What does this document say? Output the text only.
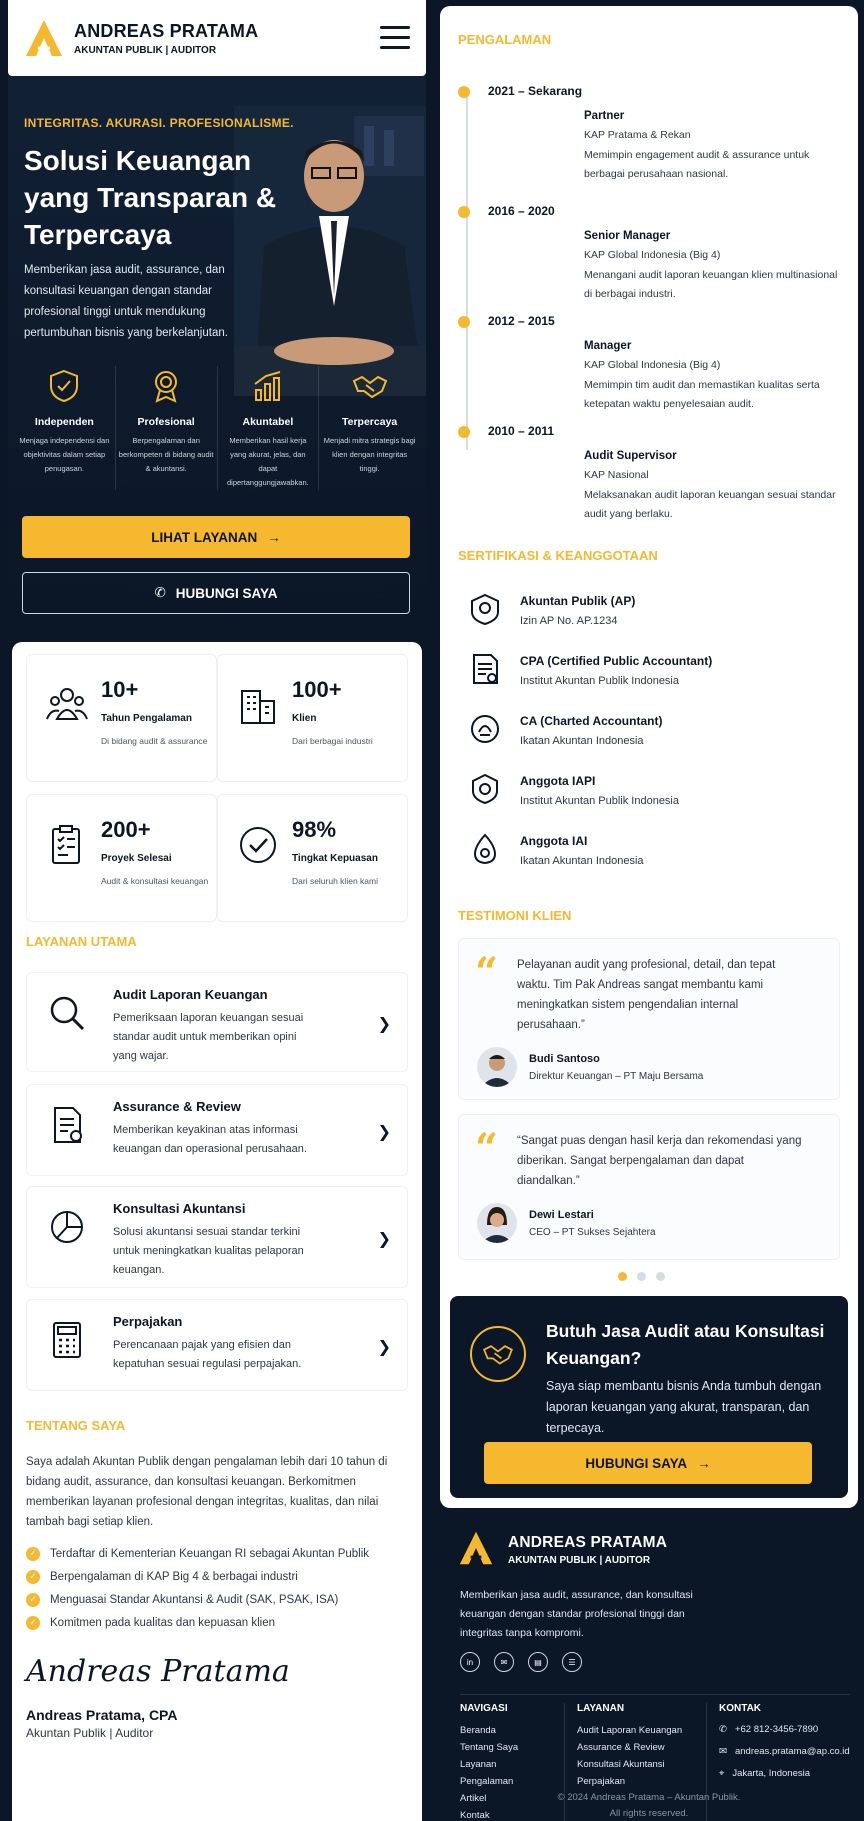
ANDREAS PRATAMA
AKUNTAN PUBLIK | AUDITOR
INTEGRITAS. AKURASI. PROFESIONALISME.
Solusi Keuangan yang Transparan & Terpercaya
Memberikan jasa audit, assurance, dan konsultasi keuangan dengan standar profesional tinggi untuk mendukung pertumbuhan bisnis yang berkelanjutan.
Independen

Menjaga independensi dan objektivitas dalam setiap penugasan.

Profesional

Berpengalaman dan berkompeten di bidang audit & akuntansi.

Akuntabel

Memberikan hasil kerja yang akurat, jelas, dan dapat dipertanggungjawabkan.

Terpercaya

Menjadi mitra strategis bagi klien dengan integritas tinggi.

LIHAT LAYANAN →
✆ HUBUNGI SAYA
10+
Tahun Pengalaman
Di bidang audit & assurance
100+
Klien
Dari berbagai industri
200+
Proyek Selesai
Audit & konsultasi keuangan
98%
Tingkat Kepuasan
Dari seluruh klien kami
LAYANAN UTAMA
Audit Laporan Keuangan

Pemeriksaan laporan keuangan sesuai standar audit untuk memberikan opini yang wajar.

❯
Assurance & Review

Memberikan keyakinan atas informasi keuangan dan operasional perusahaan.

❯
Konsultasi Akuntansi

Solusi akuntansi sesuai standar terkini untuk meningkatkan kualitas pelaporan keuangan.

❯
Perpajakan

Perencanaan pajak yang efisien dan kepatuhan sesuai regulasi perpajakan.

❯
TENTANG SAYA
Saya adalah Akuntan Publik dengan pengalaman lebih dari 10 tahun di bidang audit, assurance, dan konsultasi keuangan. Berkomitmen memberikan layanan profesional dengan integritas, kualitas, dan nilai tambah bagi setiap klien.
✓ Terdaftar di Kementerian Keuangan RI sebagai Akuntan Publik
✓ Berpengalaman di KAP Big 4 & berbagai industri
✓ Menguasai Standar Akuntansi & Audit (SAK, PSAK, ISA)
✓ Komitmen pada kualitas dan kepuasan klien
Andreas Pratama
Andreas Pratama, CPA
Akuntan Publik | Auditor
PENGALAMAN
2021 – Sekarang
Partner
KAP Pratama & Rekan

Memimpin engagement audit & assurance untuk berbagai perusahaan nasional.

2016 – 2020
Senior Manager
KAP Global Indonesia (Big 4)

Menangani audit laporan keuangan klien multinasional di berbagai industri.

2012 – 2015
Manager
KAP Global Indonesia (Big 4)

Memimpin tim audit dan memastikan kualitas serta ketepatan waktu penyelesaian audit.

2010 – 2011
Audit Supervisor
KAP Nasional

Melaksanakan audit laporan keuangan sesuai standar audit yang berlaku.

SERTIFIKASI & KEANGGOTAAN
Akuntan Publik (AP)

Izin AP No. AP.1234

CPA (Certified Public Accountant)

Institut Akuntan Publik Indonesia

CA (Charted Accountant)

Ikatan Akuntan Indonesia

Anggota IAPI

Institut Akuntan Publik Indonesia

Anggota IAI

Ikatan Akuntan Indonesia

TESTIMONI KLIEN
“ Pelayanan audit yang profesional, detail, dan tepat waktu. Tim Pak Andreas sangat membantu kami meningkatkan sistem pengendalian internal perusahaan.”
Budi Santoso
Direktur Keuangan – PT Maju Bersama
“ “Sangat puas dengan hasil kerja dan rekomendasi yang diberikan. Sangat berpengalaman dan dapat diandalkan.”
Dewi Lestari
CEO – PT Sukses Sejahtera
Butuh Jasa Audit atau Konsultasi Keuangan?

Saya siap membantu bisnis Anda tumbuh dengan laporan keuangan yang akurat, transparan, dan terpecaya.

HUBUNGI SAYA →
ANDREAS PRATAMA
AKUNTAN PUBLIK | AUDITOR
Memberikan jasa audit, assurance, dan konsultasi keuangan dengan standar profesional tinggi dan integritas tanpa kompromi.
in	✉	▤	☰
NAVIGASI
Beranda
Tentang Saya
Layanan
Pengalaman
Artikel
Kontak
LAYANAN
Audit Laporan Keuangan
Assurance & Review
Konsultasi Akuntansi
Perpajakan
KONTAK
✆ +62 812-3456-7890
✉ andreas.pratama@ap.co.id
⌖ Jakarta, Indonesia
© 2024 Andreas Pratama – Akuntan Publik.
All rights reserved.
